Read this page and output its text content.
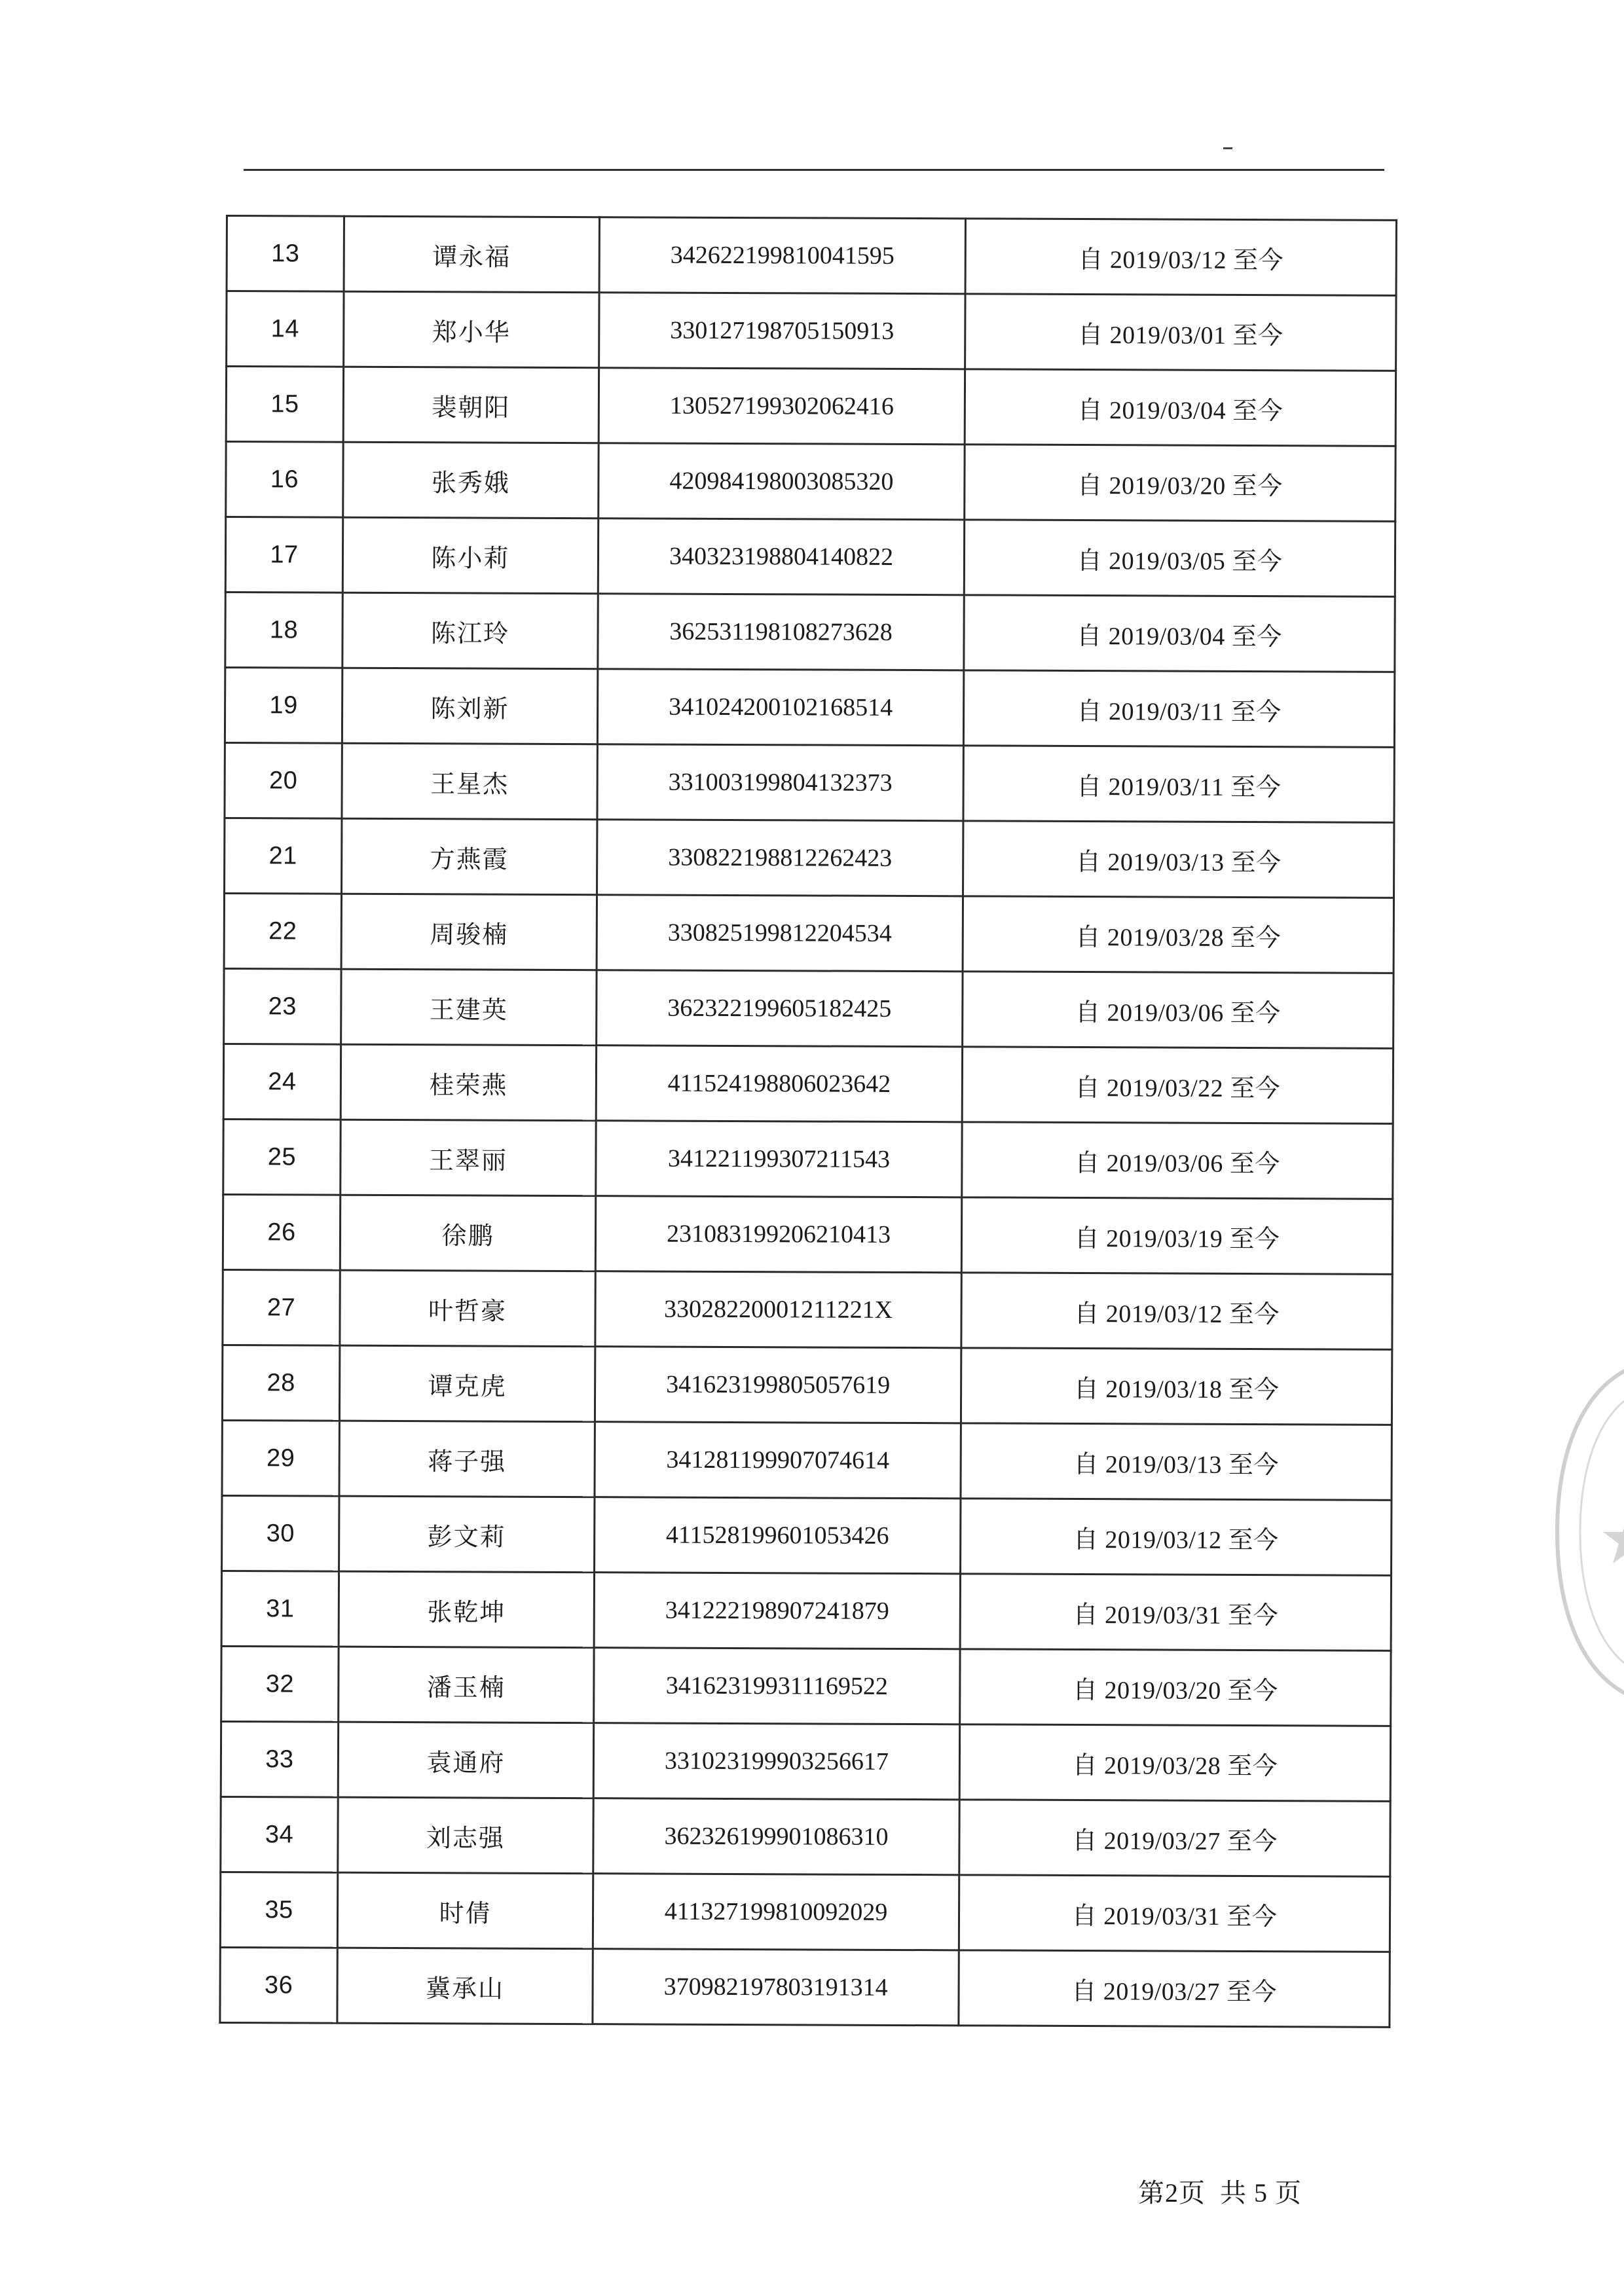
13	谭永福	342622199810041595	自 2019/03/12 至今
14	郑小华	330127198705150913	自 2019/03/01 至今
15	裴朝阳	130527199302062416	自 2019/03/04 至今
16	张秀娥	420984198003085320	自 2019/03/20 至今
17	陈小莉	340323198804140822	自 2019/03/05 至今
18	陈江玲	362531198108273628	自 2019/03/04 至今
19	陈刘新	341024200102168514	自 2019/03/11 至今
20	王星杰	331003199804132373	自 2019/03/11 至今
21	方燕霞	330822198812262423	自 2019/03/13 至今
22	周骏楠	330825199812204534	自 2019/03/28 至今
23	王建英	362322199605182425	自 2019/03/06 至今
24	桂荣燕	411524198806023642	自 2019/03/22 至今
25	王翠丽	341221199307211543	自 2019/03/06 至今
26	徐鹏	231083199206210413	自 2019/03/19 至今
27	叶哲豪	33028220001211221X	自 2019/03/12 至今
28	谭克虎	341623199805057619	自 2019/03/18 至今
29	蒋子强	341281199907074614	自 2019/03/13 至今
30	彭文莉	411528199601053426	自 2019/03/12 至今
31	张乾坤	341222198907241879	自 2019/03/31 至今
32	潘玉楠	341623199311169522	自 2019/03/20 至今
33	袁通府	331023199903256617	自 2019/03/28 至今
34	刘志强	362326199901086310	自 2019/03/27 至今
35	时倩	411327199810092029	自 2019/03/31 至今
36	冀承山	370982197803191314	自 2019/03/27 至今
第2页 共 5 页
